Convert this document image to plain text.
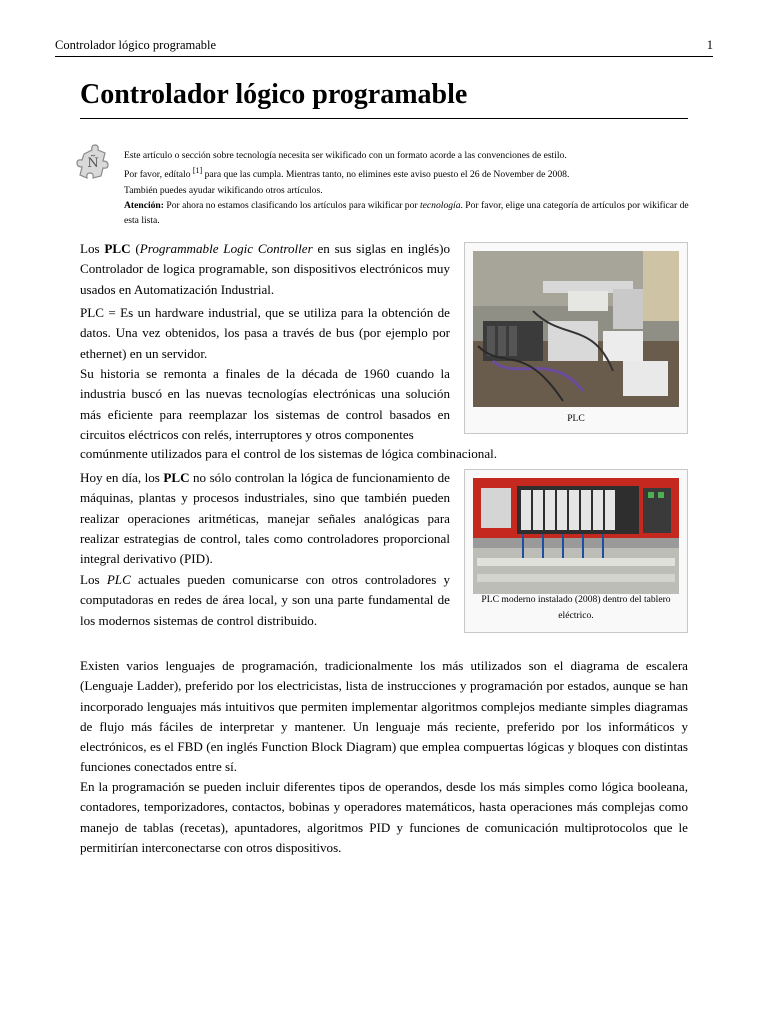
Controlador lógico programable	1
Controlador lógico programable
Ñ

Este artículo o sección sobre tecnología necesita ser wikificado con un formato acorde a las convenciones de estilo.

Por favor, edítalo [1] para que las cumpla. Mientras tanto, no elimines este aviso puesto el 26 de November de 2008.

También puedes ayudar wikificando otros artículos.

Atención: Por ahora no estamos clasificando los artículos para wikificar por tecnología. Por favor, elige una categoría de artículos por wikificar de esta lista.

Los PLC (Programmable Logic Controller en sus siglas en inglés)o Controlador de logica programable, son dispositivos electrónicos muy usados en Automatización Industrial.

PLC = Es un hardware industrial, que se utiliza para la obtención de datos. Una vez obtenidos, los pasa a través de bus (por ejemplo por ethernet) en un servidor.

Su historia se remonta a finales de la década de 1960 cuando la industria buscó en las nuevas tecnologías electrónicas una solución más eficiente para reemplazar los sistemas de control basados en circuitos eléctricos con relés, interruptores y otros componentes

comúnmente utilizados para el control de los sistemas de lógica combinacional.

Hoy en día, los PLC no sólo controlan la lógica de funcionamiento de máquinas, plantas y procesos industriales, sino que también pueden realizar operaciones aritméticas, manejar señales analógicas para realizar estrategias de control, tales como controladores proporcional integral derivativo (PID).

Los PLC actuales pueden comunicarse con otros controladores y computadoras en redes de área local, y son una parte fundamental de los modernos sistemas de control distribuido.

Existen varios lenguajes de programación, tradicionalmente los más utilizados son el diagrama de escalera (Lenguaje Ladder), preferido por los electricistas, lista de instrucciones y programación por estados, aunque se han incorporado lenguajes más intuitivos que permiten implementar algoritmos complejos mediante simples diagramas de flujo más fáciles de interpretar y mantener. Un lenguaje más reciente, preferido por los informáticos y electrónicos, es el FBD (en inglés Function Block Diagram) que emplea compuertas lógicas y bloques con distintas funciones conectados entre sí.

En la programación se pueden incluir diferentes tipos de operandos, desde los más simples como lógica booleana, contadores, temporizadores, contactos, bobinas y operadores matemáticos, hasta operaciones más complejas como manejo de tablas (recetas), apuntadores, algoritmos PID y funciones de comunicación multiprotocolos que le permitirían interconectarse con otros dispositivos.

PLC
PLC moderno instalado (2008) dentro del tablero eléctrico.
